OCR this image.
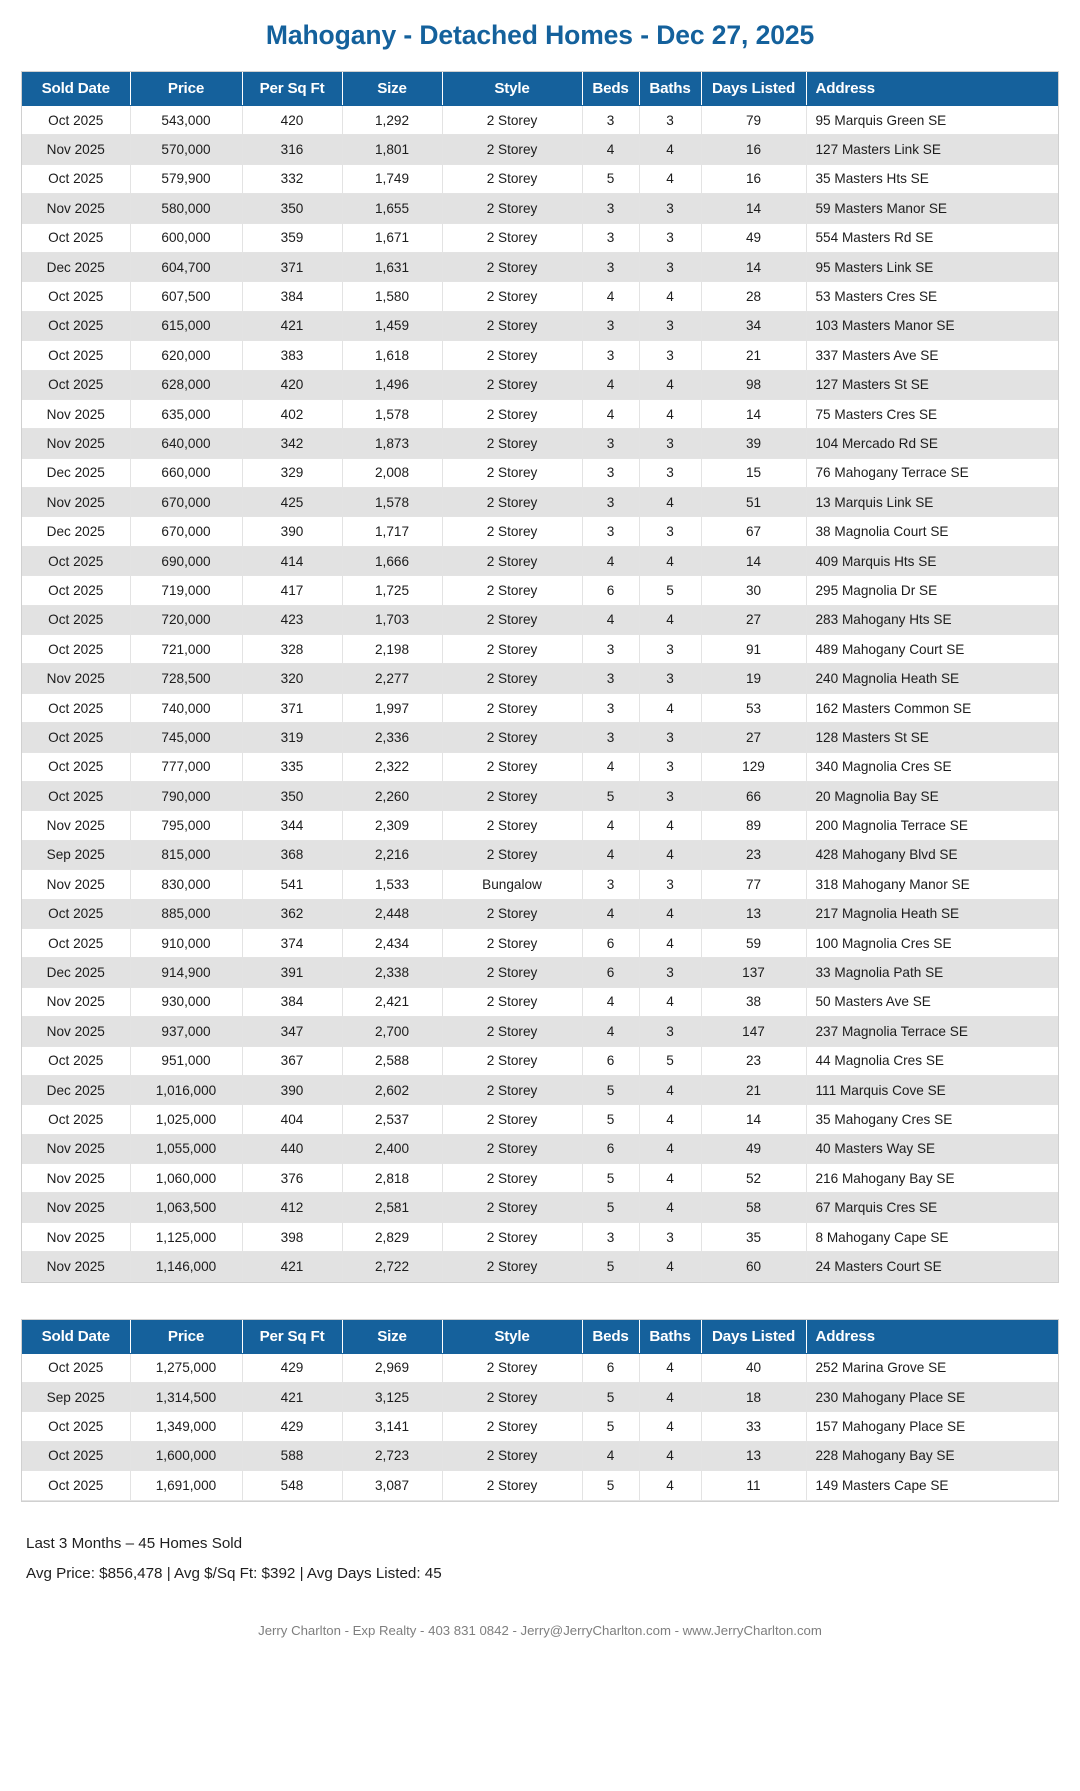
Mahogany - Detached Homes - Dec 27, 2025
Sold Date	Price	Per Sq Ft	Size	Style	Beds	Baths	Days Listed	Address
Oct 2025	543,000	420	1,292	2 Storey	3	3	79	95 Marquis Green SE
Nov 2025	570,000	316	1,801	2 Storey	4	4	16	127 Masters Link SE
Oct 2025	579,900	332	1,749	2 Storey	5	4	16	35 Masters Hts SE
Nov 2025	580,000	350	1,655	2 Storey	3	3	14	59 Masters Manor SE
Oct 2025	600,000	359	1,671	2 Storey	3	3	49	554 Masters Rd SE
Dec 2025	604,700	371	1,631	2 Storey	3	3	14	95 Masters Link SE
Oct 2025	607,500	384	1,580	2 Storey	4	4	28	53 Masters Cres SE
Oct 2025	615,000	421	1,459	2 Storey	3	3	34	103 Masters Manor SE
Oct 2025	620,000	383	1,618	2 Storey	3	3	21	337 Masters Ave SE
Oct 2025	628,000	420	1,496	2 Storey	4	4	98	127 Masters St SE
Nov 2025	635,000	402	1,578	2 Storey	4	4	14	75 Masters Cres SE
Nov 2025	640,000	342	1,873	2 Storey	3	3	39	104 Mercado Rd SE
Dec 2025	660,000	329	2,008	2 Storey	3	3	15	76 Mahogany Terrace SE
Nov 2025	670,000	425	1,578	2 Storey	3	4	51	13 Marquis Link SE
Dec 2025	670,000	390	1,717	2 Storey	3	3	67	38 Magnolia Court SE
Oct 2025	690,000	414	1,666	2 Storey	4	4	14	409 Marquis Hts SE
Oct 2025	719,000	417	1,725	2 Storey	6	5	30	295 Magnolia Dr SE
Oct 2025	720,000	423	1,703	2 Storey	4	4	27	283 Mahogany Hts SE
Oct 2025	721,000	328	2,198	2 Storey	3	3	91	489 Mahogany Court SE
Nov 2025	728,500	320	2,277	2 Storey	3	3	19	240 Magnolia Heath SE
Oct 2025	740,000	371	1,997	2 Storey	3	4	53	162 Masters Common SE
Oct 2025	745,000	319	2,336	2 Storey	3	3	27	128 Masters St SE
Oct 2025	777,000	335	2,322	2 Storey	4	3	129	340 Magnolia Cres SE
Oct 2025	790,000	350	2,260	2 Storey	5	3	66	20 Magnolia Bay SE
Nov 2025	795,000	344	2,309	2 Storey	4	4	89	200 Magnolia Terrace SE
Sep 2025	815,000	368	2,216	2 Storey	4	4	23	428 Mahogany Blvd SE
Nov 2025	830,000	541	1,533	Bungalow	3	3	77	318 Mahogany Manor SE
Oct 2025	885,000	362	2,448	2 Storey	4	4	13	217 Magnolia Heath SE
Oct 2025	910,000	374	2,434	2 Storey	6	4	59	100 Magnolia Cres SE
Dec 2025	914,900	391	2,338	2 Storey	6	3	137	33 Magnolia Path SE
Nov 2025	930,000	384	2,421	2 Storey	4	4	38	50 Masters Ave SE
Nov 2025	937,000	347	2,700	2 Storey	4	3	147	237 Magnolia Terrace SE
Oct 2025	951,000	367	2,588	2 Storey	6	5	23	44 Magnolia Cres SE
Dec 2025	1,016,000	390	2,602	2 Storey	5	4	21	111 Marquis Cove SE
Oct 2025	1,025,000	404	2,537	2 Storey	5	4	14	35 Mahogany Cres SE
Nov 2025	1,055,000	440	2,400	2 Storey	6	4	49	40 Masters Way SE
Nov 2025	1,060,000	376	2,818	2 Storey	5	4	52	216 Mahogany Bay SE
Nov 2025	1,063,500	412	2,581	2 Storey	5	4	58	67 Marquis Cres SE
Nov 2025	1,125,000	398	2,829	2 Storey	3	3	35	8 Mahogany Cape SE
Nov 2025	1,146,000	421	2,722	2 Storey	5	4	60	24 Masters Court SE
Sold Date	Price	Per Sq Ft	Size	Style	Beds	Baths	Days Listed	Address
Oct 2025	1,275,000	429	2,969	2 Storey	6	4	40	252 Marina Grove SE
Sep 2025	1,314,500	421	3,125	2 Storey	5	4	18	230 Mahogany Place SE
Oct 2025	1,349,000	429	3,141	2 Storey	5	4	33	157 Mahogany Place SE
Oct 2025	1,600,000	588	2,723	2 Storey	4	4	13	228 Mahogany Bay SE
Oct 2025	1,691,000	548	3,087	2 Storey	5	4	11	149 Masters Cape SE
Last 3 Months – 45 Homes Sold
Avg Price: $856,478 | Avg $/Sq Ft: $392 | Avg Days Listed: 45
Jerry Charlton - Exp Realty - 403 831 0842 - Jerry@JerryCharlton.com - www.JerryCharlton.com
